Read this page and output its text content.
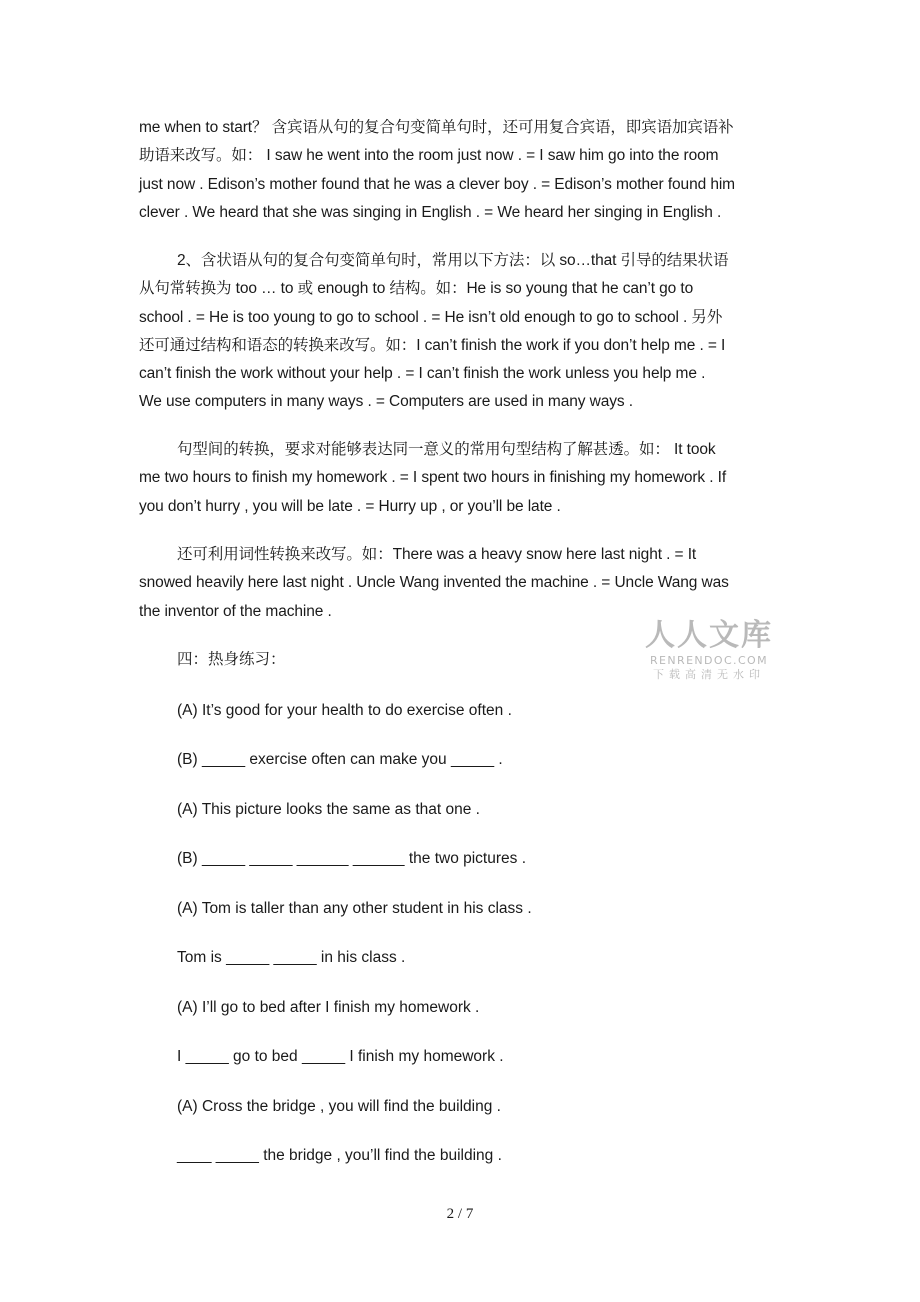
me when to start？ 含宾语从句的复合句变简单句时，还可用复合宾语，即宾语加宾语补
助语来改写。如： I saw he went into the room just now . = I saw him go into the room
just now . Edison’s mother found that he was a clever boy . = Edison’s mother found him
clever . We heard that she was singing in English . = We heard her singing in English .

2、含状语从句的复合句变简单句时，常用以下方法：以 so…that 引导的结果状语
从句常转换为 too … to 或 enough to 结构。如：He is so young that he can’t go to
school . = He is too young to go to school . = He isn’t old enough to go to school . 另外
还可通过结构和语态的转换来改写。如：I can’t finish the work if you don’t help me . = I
can’t finish the work without your help . = I can’t finish the work unless you help me .
We use computers in many ways . = Computers are used in many ways .

句型间的转换，要求对能够表达同一意义的常用句型结构了解甚透。如： It took
me two hours to finish my homework . = I spent two hours in finishing my homework . If
you don’t hurry , you will be late . = Hurry up , or you’ll be late .

还可利用词性转换来改写。如：There was a heavy snow here last night . = It
snowed heavily here last night . Uncle Wang invented the machine . = Uncle Wang was
the inventor of the machine .

人人文库
RENRENDOC.COM
下载高清无水印

四：热身练习：

(A) It’s good for your health to do exercise often .

(B) _____ exercise often can make you _____ .

(A) This picture looks the same as that one .

(B) _____ _____ ______ ______ the two pictures .

(A) Tom is taller than any other student in his class .

Tom is _____ _____ in his class .

(A) I’ll go to bed after I finish my homework .

I _____ go to bed _____ I finish my homework .

(A) Cross the bridge , you will find the building .

____ _____ the bridge , you’ll find the building .

2 / 7
